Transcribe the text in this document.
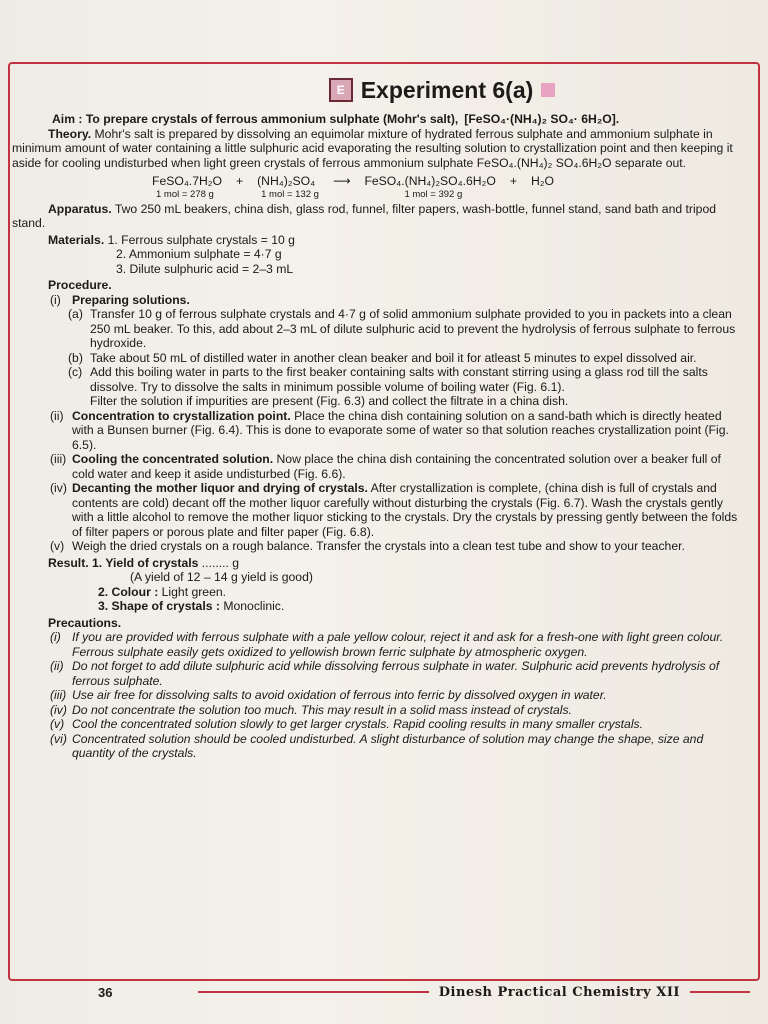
E Experiment 6(a)

Aim : To prepare crystals of ferrous ammonium sulphate (Mohr's salt), [FeSO₄·(NH₄)₂ SO₄· 6H₂O].

Theory. Mohr's salt is prepared by dissolving an equimolar mixture of hydrated ferrous sulphate and ammonium sulphate in minimum amount of water containing a little sulphuric acid evaporating the resulting solution to crystallization point and then keeping it aside for cooling undisturbed when light green crystals of ferrous ammonium sulphate FeSO₄.(NH₄)₂ SO₄.6H₂O separate out.

FeSO₄.7H₂O
1 mol = 278 g
+ (NH₄)₂SO₄
1 mol = 132 g
⟶ FeSO₄.(NH₄)₂SO₄.6H₂O
1 mol = 392 g
+ H₂O

Apparatus. Two 250 mL beakers, china dish, glass rod, funnel, filter papers, wash-bottle, funnel stand, sand bath and tripod stand.

Materials. 1. Ferrous sulphate crystals = 10 g

2. Ammonium sulphate = 4·7 g

3. Dilute sulphuric acid = 2–3 mL

Procedure.

(i) Preparing solutions.
(a) Transfer 10 g of ferrous sulphate crystals and 4·7 g of solid ammonium sulphate provided to you in packets into a clean 250 mL beaker. To this, add about 2–3 mL of dilute sulphuric acid to prevent the hydrolysis of ferrous sulphate to ferrous hydroxide.
(b) Take about 50 mL of distilled water in another clean beaker and boil it for atleast 5 minutes to expel dissolved air.
(c) Add this boiling water in parts to the first beaker containing salts with constant stirring using a glass rod till the salts dissolve. Try to dissolve the salts in minimum possible volume of boiling water (Fig. 6.1).

Filter the solution if impurities are present (Fig. 6.3) and collect the filtrate in a china dish.

(ii) Concentration to crystallization point. Place the china dish containing solution on a sand-bath which is directly heated with a Bunsen burner (Fig. 6.4). This is done to evaporate some of water so that solution reaches crystallization point (Fig. 6.5).
(iii) Cooling the concentrated solution. Now place the china dish containing the concentrated solution over a beaker full of cold water and keep it aside undisturbed (Fig. 6.6).
(iv) Decanting the mother liquor and drying of crystals. After crystallization is complete, (china dish is full of crystals and contents are cold) decant off the mother liquor carefully without disturbing the crystals (Fig. 6.7). Wash the crystals gently with a little alcohol to remove the mother liquor sticking to the crystals. Dry the crystals by pressing gently between the folds of filter papers or porous plate and filter paper (Fig. 6.8).
(v) Weigh the dried crystals on a rough balance. Transfer the crystals into a clean test tube and show to your teacher.

Result. 1. Yield of crystals ........ g

(A yield of 12 – 14 g yield is good)

2. Colour : Light green.

3. Shape of crystals : Monoclinic.

Precautions.

(i) If you are provided with ferrous sulphate with a pale yellow colour, reject it and ask for a fresh-one with light green colour. Ferrous sulphate easily gets oxidized to yellowish brown ferric sulphate by atmospheric oxygen.
(ii) Do not forget to add dilute sulphuric acid while dissolving ferrous sulphate in water. Sulphuric acid prevents hydrolysis of ferrous sulphate.
(iii) Use air free for dissolving salts to avoid oxidation of ferrous into ferric by dissolved oxygen in water.
(iv) Do not concentrate the solution too much. This may result in a solid mass instead of crystals.
(v) Cool the concentrated solution slowly to get larger crystals. Rapid cooling results in many smaller crystals.
(vi) Concentrated solution should be cooled undisturbed. A slight disturbance of solution may change the shape, size and quantity of the crystals.
36	Dinesh Practical Chemistry XII
